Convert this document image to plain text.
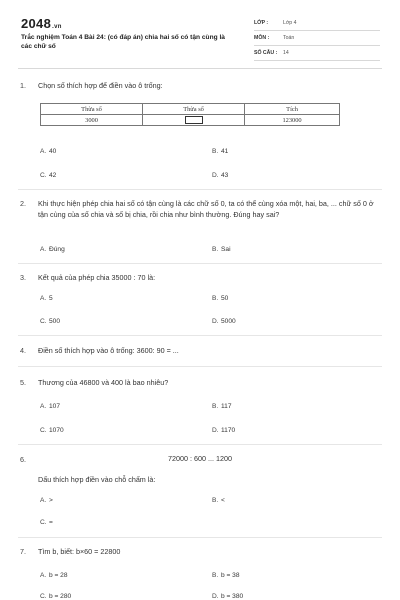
2048.vn
Trắc nghiệm Toán 4 Bài 24: (có đáp án) chia hai số có tận cùng là các chữ số
LỚP :	Lớp 4
MÔN :	Toán
SỐ CÂU :	14
1. Chọn số thích hợp để điền vào ô trống:
Thừa số	Thừa số	Tích
3000		123000
A. 40	B. 41
C. 42	D. 43
2. Khi thực hiện phép chia hai số có tận cùng là các chữ số 0, ta có thể cùng xóa một, hai, ba, ... chữ số 0 ở tận cùng của số chia và số bị chia, rồi chia như bình thường. Đúng hay sai?
A. Đúng	B. Sai
3. Kết quả của phép chia 35000 : 70 là:
A. 5	B. 50
C. 500	D. 5000
4. Điền số thích hợp vào ô trống: 3600: 90 = ...
5. Thương của 46800 và 400 là bao nhiêu?
A. 107	B. 117
C. 1070	D. 1170
6.	72000 : 600 ... 1200
Dấu thích hợp điền vào chỗ chấm là:
A. >	B. <
C. =
7. Tìm b, biết: b×60 = 22800
A. b = 28	B. b = 38
C. b = 280	D. b = 380
